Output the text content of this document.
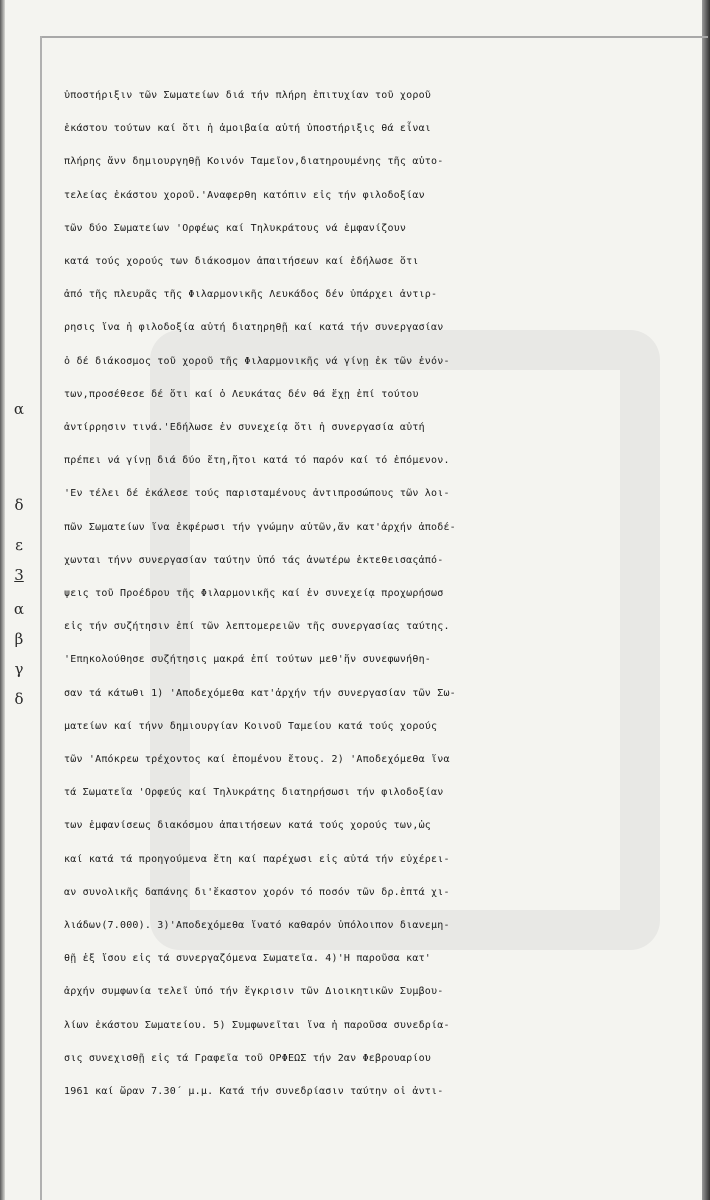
α
δ
ε
3
α
β
γ
δ
ὑποστήριξιν τῶν Σωματείων διά τήν πλήρη ἐπιτυχίαν τοῦ χοροῦ
ἑκάστου τούτων καί ὅτι ἡ ἀμοιβαία αὐτή ὑποστήριξις θά εἶναι
πλήρης ἄνν δημιουργηθῇ Κοινόν Ταμεῖον,διατηρουμένης τῆς αὐτο-
τελείας ἑκάστου χοροῦ.'Αναφερθη κατόπιν εἰς τήν φιλοδοξίαν
τῶν δύο Σωματείων 'Ορφέως καί Τηλυκράτους νά ἐμφανίζουν
κατά τούς χορούς των διάκοσμον ἀπαιτήσεων καί ἐδήλωσε ὅτι
ἀπό τῆς πλευρᾶς τῆς Φιλαρμονικῆς Λευκάδος δέν ὑπάρχει ἀντιρ-
ρησις ἵνα ἡ φιλοδοξία αὐτή διατηρηθῇ καί κατά τήν συνεργασίαν
ὁ δέ διάκοσμος τοῦ χοροῦ τῆς Φιλαρμονικῆς νά γίνῃ ἐκ τῶν ἐνόν-
των,προσέθεσε δέ ὅτι καί ὁ Λευκάτας δέν θά ἔχῃ ἐπί τούτου
ἀντίρρησιν τινά.'Εδήλωσε ἐν συνεχείᾳ ὅτι ἡ συνεργασία αὐτή
πρέπει νά γίνῃ διά δύο ἔτη,ἤτοι κατά τό παρόν καί τό ἑπόμενον.
'Εν τέλει δέ ἐκάλεσε τούς παρισταμένους ἀντιπροσώπους τῶν λοι-
πῶν Σωματείων ἵνα ἐκφέρωσι τήν γνώμην αὐτῶν,ἄν κατ'ἀρχήν ἀποδέ-
χωνται τήνν συνεργασίαν ταύτην ὑπό τάς ἀνωτέρω ἐκτεθεισαςἀπό-
ψεις τοῦ Προέδρου τῆς Φιλαρμονικῆς καί ἐν συνεχείᾳ προχωρήσωσ
εἰς τήν συζήτησιν ἐπί τῶν λεπτομερειῶν τῆς συνεργασίας ταύτης.
'Επηκολούθησε συζήτησις μακρά ἐπί τούτων μεθ'ἥν συνεφωνήθη-
σαν τά κάτωθι 1) 'Αποδεχόμεθα κατ'ἀρχήν τήν συνεργασίαν τῶν Σω-
ματείων καί τήνν δημιουργίαν Κοινοῦ Ταμείου κατά τούς χορούς
τῶν 'Απόκρεω τρέχοντος καί ἑπομένου ἔτους. 2) 'Αποδεχόμεθα ἵνα
τά Σωματεῖα 'Ορφεύς καί Τηλυκράτης διατηρήσωσι τήν φιλοδοξίαν
των ἐμφανίσεως διακόσμου ἀπαιτήσεων κατά τούς χορούς των,ὡς
καί κατά τά προηγούμενα ἔτη καί παρέχωσι εἰς αὐτά τήν εὐχέρει-
αν συνολικῆς δαπάνης δι'ἕκαστον χορόν τό ποσόν τῶν δρ.ἑπτά χι-
λιάδων(7.000). 3)'Αποδεχόμεθα ἵνατό καθαρόν ὑπόλοιπον διανεμη-
θῇ ἐξ ἴσου εἰς τά συνεργαζόμενα Σωματεῖα. 4)'Η παροῦσα κατ'
ἀρχήν συμφωνία τελεῖ ὑπό τήν ἔγκρισιν τῶν Διοικητικῶν Συμβου-
λίων ἑκάστου Σωματείου. 5) Συμφωνεῖται ἵνα ἡ παροῦσα συνεδρία-
σις συνεχισθῇ εἰς τά Γραφεῖα τοῦ ΟΡΦΕΩΣ τήν 2αν Φεβρουαρίου
1961 καί ὥραν 7.30΄ μ.μ. Κατά τήν συνεδρίασιν ταύτην οἱ ἀντι-
